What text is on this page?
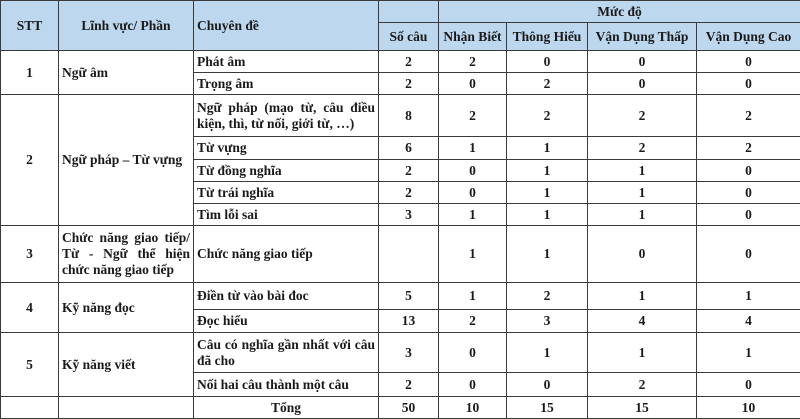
STT	Lĩnh vực/ Phần	Chuyên đề		Mức độ			
			Số câu	Nhận Biết	Thông Hiểu	Vận Dụng Thấp	Vận Dụng Cao
1	Ngữ âm	Phát âm	2	2	0	0	0
		Trọng âm	2	0	2	0	0
2	Ngữ pháp – Từ vựng	Ngữ pháp (mạo từ, câu điều kiện, thì, từ nối, giới từ, …)	8	2	2	2	2
		Từ vựng	6	1	1	2	2
		Từ đồng nghĩa	2	0	1	1	0
		Từ trái nghĩa	2	0	1	1	0
		Tìm lỗi sai	3	1	1	1	0
3	Chức năng giao tiếp/ Từ - Ngữ thể hiện chức năng giao tiếp	Chức năng giao tiếp		1	1	0	0
4	Kỹ năng đọc	Điền từ vào bài đoc	5	1	2	1	1
		Đọc hiểu	13	2	3	4	4
5	Kỹ năng viết	Câu có nghĩa gần nhất với câu đã cho	3	0	1	1	1
		Nối hai câu thành một câu	2	0	0	2	0
		Tổng	50	10	15	15	10
